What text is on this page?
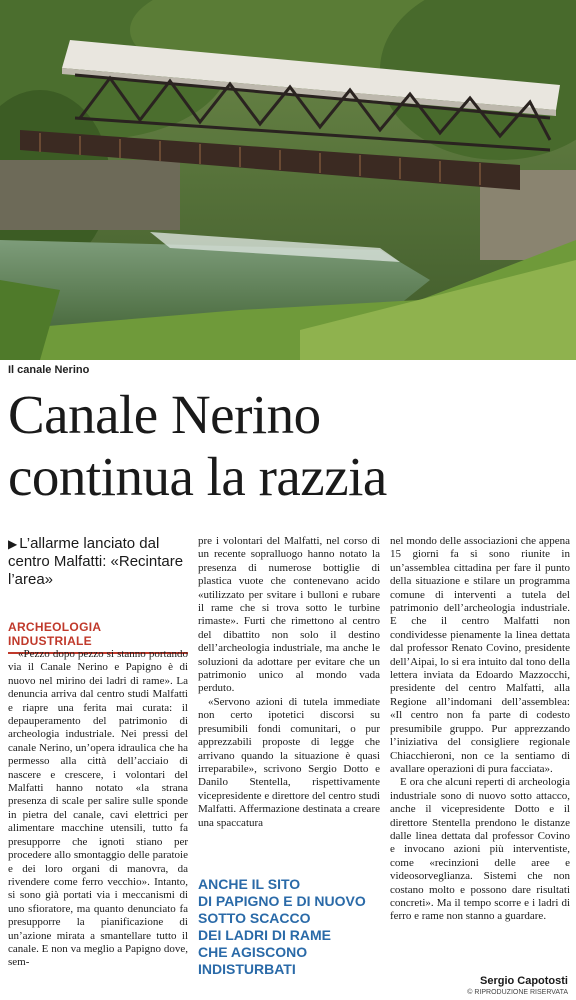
Il canale Nerino
Canale Nerino
continua la razzia
▶ L’allarme lanciato dal centro Malfatti: «Recintare l’area»
ARCHEOLOGIA INDUSTRIALE

«Pezzo dopo pezzo si stanno portando via il Canale Nerino e Papigno è di nuovo nel mirino dei ladri di rame». La denuncia arriva dal centro studi Malfatti e riapre una ferita mai curata: il depauperamento del patrimonio di archeologia industriale. Nei pressi del canale Nerino, un’opera idraulica che ha permesso alla città dell’acciaio di nascere e crescere, i volontari del Malfatti hanno notato «la strana presenza di scale per salire sulle sponde in pietra del canale, cavi elettrici per alimentare macchine utensili, tutto fa presupporre che ignoti stiano per procedere allo smontaggio delle paratoie e dei loro organi di manovra, da rivendere come ferro vecchio». Intanto, si sono già portati via i meccanismi di uno sfioratore, ma quanto denunciato fa presupporre la pianificazione di un’azione mirata a smantellare tutto il canale. E non va meglio a Papigno dove, sem-

pre i volontari del Malfatti, nel corso di un recente sopralluogo hanno notato la presenza di numerose bottiglie di plastica vuote che contenevano acido «utilizzato per svitare i bulloni e rubare il rame che si trova sotto le turbine rimaste». Furti che rimettono al centro del dibattito non solo il destino dell’archeologia industriale, ma anche le soluzioni da adottare per evitare che un patrimonio unico al mondo vada perduto.

«Servono azioni di tutela immediate non certo ipotetici discorsi su presumibili fondi comunitari, o pur apprezzabili proposte di legge che arrivano quando la situazione è quasi irreparabile», scrivono Sergio Dotto e Danilo Stentella, rispettivamente vicepresidente e direttore del centro studi Malfatti. Affermazione destinata a creare una spaccatura

ANCHE IL SITO
DI PAPIGNO E DI NUOVO
SOTTO SCACCO
DEI LADRI DI RAME
CHE AGISCONO
INDISTURBATI

nel mondo delle associazioni che appena 15 giorni fa si sono riunite in un’assemblea cittadina per fare il punto della situazione e stilare un programma comune di interventi a tutela del patrimonio dell’archeologia industriale. E che il centro Malfatti non condividesse pienamente la linea dettata dal professor Renato Covino, presidente dell’Aipai, lo si era intuito dal tono della lettera inviata da Edoardo Mazzocchi, presidente del centro Malfatti, alla Regione all’indomani dell’assemblea: «Il centro non fa parte di codesto presumibile gruppo. Pur apprezzando l’iniziativa del consigliere regionale Chiacchieroni, non ce la sentiamo di avallare operazioni di pura facciata».

E ora che alcuni reperti di archeologia industriale sono di nuovo sotto attacco, anche il vicepresidente Dotto e il direttore Stentella prendono le distanze dalle linea dettata dal professor Covino e invocano azioni più interventiste, come «recinzioni delle aree e videosorveglianza. Sistemi che non costano molto e possono dare risultati concreti». Ma il tempo scorre e i ladri di ferro e rame non stanno a guardare.

Sergio Capotosti
© RIPRODUZIONE RISERVATA
